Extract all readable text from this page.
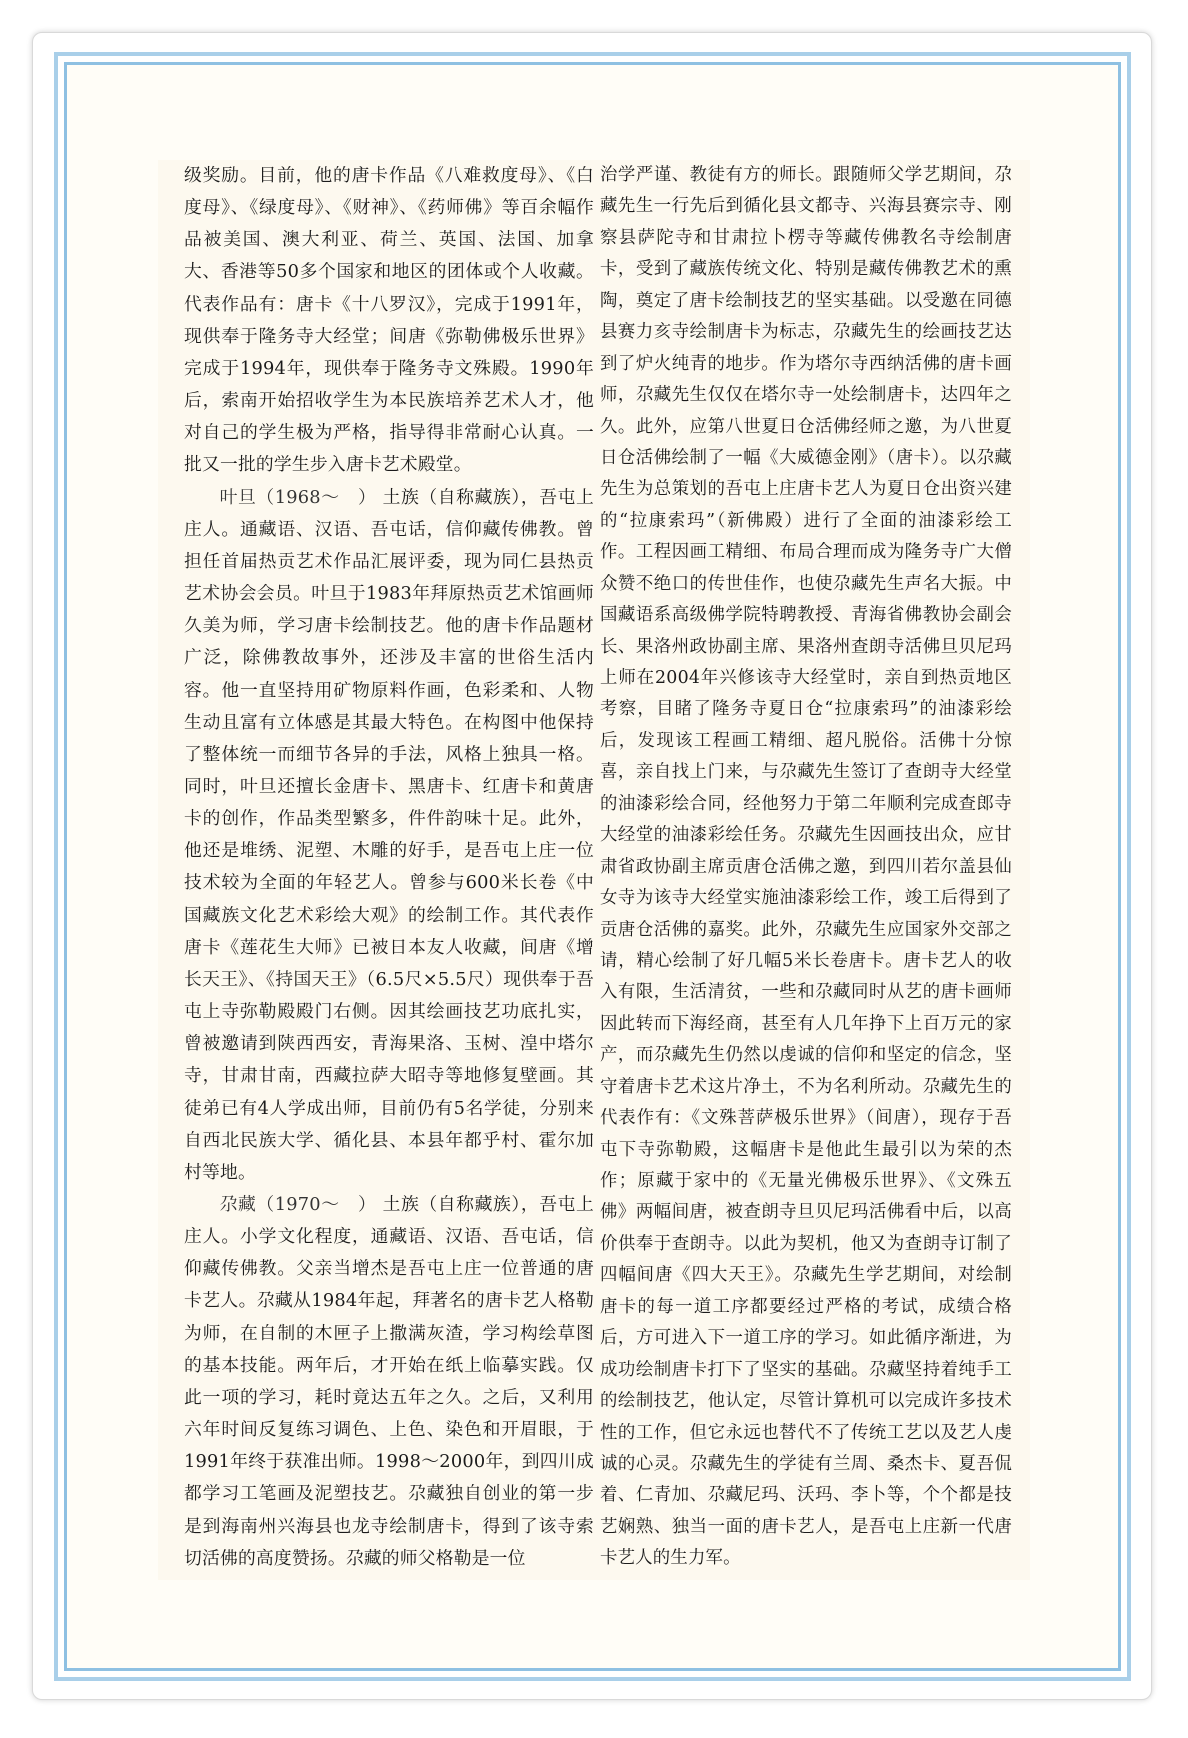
级奖励。目前，他的唐卡作品《八难救度母》、《白度母》、《绿度母》、《财神》、《药师佛》等百余幅作品被美国、澳大利亚、荷兰、英国、法国、加拿大、香港等50多个国家和地区的团体或个人收藏。代表作品有：唐卡《十八罗汉》，完成于1991年，现供奉于隆务寺大经堂；间唐《弥勒佛极乐世界》完成于1994年，现供奉于隆务寺文殊殿。1990年后，索南开始招收学生为本民族培养艺术人才，他对自己的学生极为严格，指导得非常耐心认真。一批又一批的学生步入唐卡艺术殿堂。

叶旦（1968～　） 土族（自称藏族），吾屯上庄人。通藏语、汉语、吾屯话，信仰藏传佛教。曾担任首届热贡艺术作品汇展评委，现为同仁县热贡艺术协会会员。叶旦于1983年拜原热贡艺术馆画师久美为师，学习唐卡绘制技艺。他的唐卡作品题材广泛，除佛教故事外，还涉及丰富的世俗生活内容。他一直坚持用矿物原料作画，色彩柔和、人物生动且富有立体感是其最大特色。在构图中他保持了整体统一而细节各异的手法，风格上独具一格。同时，叶旦还擅长金唐卡、黑唐卡、红唐卡和黄唐卡的创作，作品类型繁多，件件韵味十足。此外，他还是堆绣、泥塑、木雕的好手，是吾屯上庄一位技术较为全面的年轻艺人。曾参与600米长卷《中国藏族文化艺术彩绘大观》的绘制工作。其代表作唐卡《莲花生大师》已被日本友人收藏，间唐《增长天王》、《持国天王》（6.5尺×5.5尺）现供奉于吾屯上寺弥勒殿殿门右侧。因其绘画技艺功底扎实，曾被邀请到陕西西安，青海果洛、玉树、湟中塔尔寺，甘肃甘南，西藏拉萨大昭寺等地修复壁画。其徒弟已有4人学成出师，目前仍有5名学徒，分别来自西北民族大学、循化县、本县年都乎村、霍尔加村等地。

尕藏（1970～　） 土族（自称藏族），吾屯上庄人。小学文化程度，通藏语、汉语、吾屯话，信仰藏传佛教。父亲当增杰是吾屯上庄一位普通的唐卡艺人。尕藏从1984年起，拜著名的唐卡艺人格勒为师，在自制的木匣子上撒满灰渣，学习构绘草图的基本技能。两年后，才开始在纸上临摹实践。仅此一项的学习，耗时竟达五年之久。之后，又利用六年时间反复练习调色、上色、染色和开眉眼，于1991年终于获准出师。1998～2000年，到四川成都学习工笔画及泥塑技艺。尕藏独自创业的第一步是到海南州兴海县也龙寺绘制唐卡，得到了该寺索切活佛的高度赞扬。尕藏的师父格勒是一位

治学严谨、教徒有方的师长。跟随师父学艺期间，尕藏先生一行先后到循化县文都寺、兴海县赛宗寺、刚察县萨陀寺和甘肃拉卜楞寺等藏传佛教名寺绘制唐卡，受到了藏族传统文化、特别是藏传佛教艺术的熏陶，奠定了唐卡绘制技艺的坚实基础。以受邀在同德县赛力亥寺绘制唐卡为标志，尕藏先生的绘画技艺达到了炉火纯青的地步。作为塔尔寺西纳活佛的唐卡画师，尕藏先生仅仅在塔尔寺一处绘制唐卡，达四年之久。此外，应第八世夏日仓活佛经师之邀，为八世夏日仓活佛绘制了一幅《大威德金刚》（唐卡）。以尕藏先生为总策划的吾屯上庄唐卡艺人为夏日仓出资兴建的“拉康索玛”（新佛殿）进行了全面的油漆彩绘工作。工程因画工精细、布局合理而成为隆务寺广大僧众赞不绝口的传世佳作，也使尕藏先生声名大振。中国藏语系高级佛学院特聘教授、青海省佛教协会副会长、果洛州政协副主席、果洛州查朗寺活佛旦贝尼玛上师在2004年兴修该寺大经堂时，亲自到热贡地区考察，目睹了隆务寺夏日仓“拉康索玛”的油漆彩绘后，发现该工程画工精细、超凡脱俗。活佛十分惊喜，亲自找上门来，与尕藏先生签订了查朗寺大经堂的油漆彩绘合同，经他努力于第二年顺利完成查郎寺大经堂的油漆彩绘任务。尕藏先生因画技出众，应甘肃省政协副主席贡唐仓活佛之邀，到四川若尔盖县仙女寺为该寺大经堂实施油漆彩绘工作，竣工后得到了贡唐仓活佛的嘉奖。此外，尕藏先生应国家外交部之请，精心绘制了好几幅5米长卷唐卡。唐卡艺人的收入有限，生活清贫，一些和尕藏同时从艺的唐卡画师因此转而下海经商，甚至有人几年挣下上百万元的家产，而尕藏先生仍然以虔诚的信仰和坚定的信念，坚守着唐卡艺术这片净土，不为名利所动。尕藏先生的代表作有：《文殊菩萨极乐世界》（间唐），现存于吾屯下寺弥勒殿，这幅唐卡是他此生最引以为荣的杰作；原藏于家中的《无量光佛极乐世界》、《文殊五佛》两幅间唐，被查朗寺旦贝尼玛活佛看中后，以高价供奉于查朗寺。以此为契机，他又为查朗寺订制了四幅间唐《四大天王》。尕藏先生学艺期间，对绘制唐卡的每一道工序都要经过严格的考试，成绩合格后，方可进入下一道工序的学习。如此循序渐进，为成功绘制唐卡打下了坚实的基础。尕藏坚持着纯手工的绘制技艺，他认定，尽管计算机可以完成许多技术性的工作，但它永远也替代不了传统工艺以及艺人虔诚的心灵。尕藏先生的学徒有兰周、桑杰卡、夏吾侃着、仁青加、尕藏尼玛、沃玛、李卜等，个个都是技艺娴熟、独当一面的唐卡艺人，是吾屯上庄新一代唐卡艺人的生力军。
